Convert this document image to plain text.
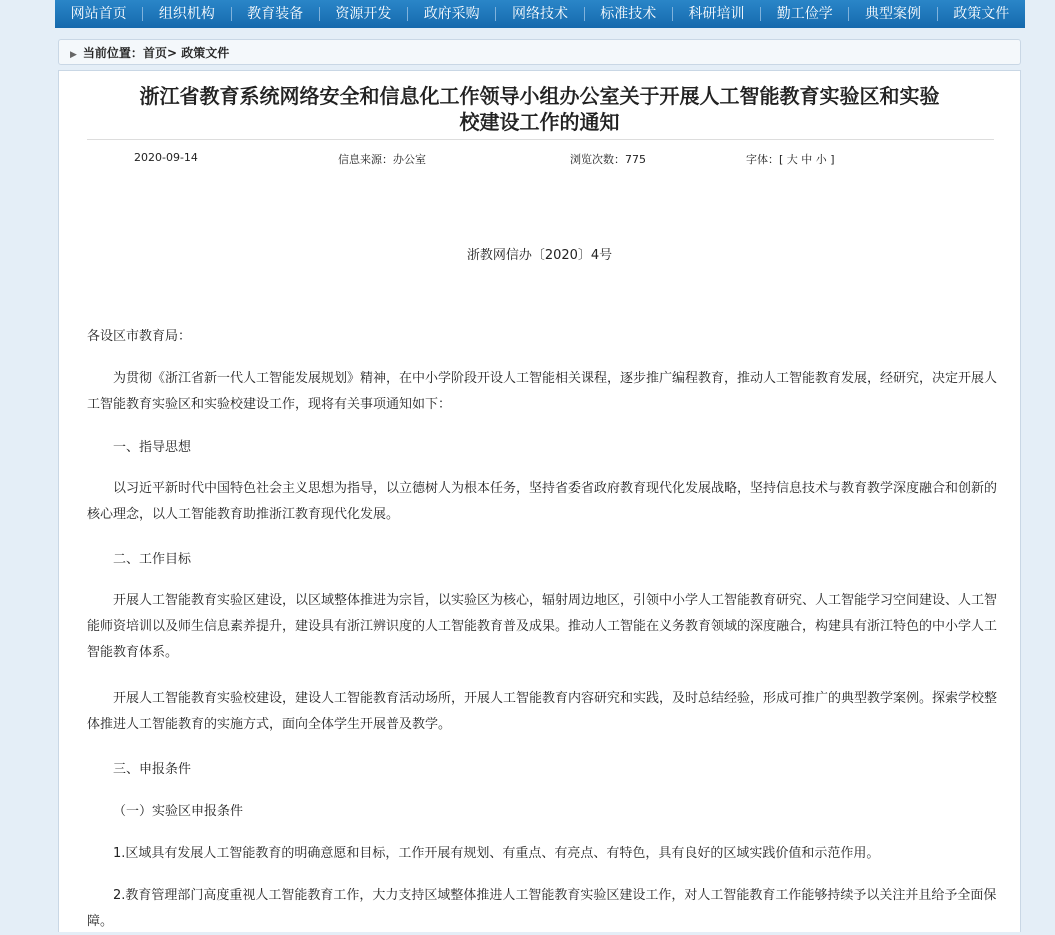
网站首页	组织机构	教育装备	资源开发	政府采购	网络技术	标准技术	科研培训	勤工俭学	典型案例	政策文件
▶ 当前位置：首页> 政策文件
浙江省教育系统网络安全和信息化工作领导小组办公室关于开展人工智能教育实验区和实验
校建设工作的通知
2020-09-14	信息来源：办公室	浏览次数：775	字体：[ 大 中 小 ]
浙教网信办〔2020〕4号

各设区市教育局：

为贯彻《浙江省新一代人工智能发展规划》精神，在中小学阶段开设人工智能相关课程，逐步推广编程教育，推动人工智能教育发展，经研究，决定开展人工智能教育实验区和实验校建设工作，现将有关事项通知如下：

一、指导思想

以习近平新时代中国特色社会主义思想为指导，以立德树人为根本任务，坚持省委省政府教育现代化发展战略，坚持信息技术与教育教学深度融合和创新的核心理念，以人工智能教育助推浙江教育现代化发展。

二、工作目标

开展人工智能教育实验区建设，以区域整体推进为宗旨，以实验区为核心，辐射周边地区，引领中小学人工智能教育研究、人工智能学习空间建设、人工智能师资培训以及师生信息素养提升，建设具有浙江辨识度的人工智能教育普及成果。推动人工智能在义务教育领域的深度融合，构建具有浙江特色的中小学人工智能教育体系。

开展人工智能教育实验校建设，建设人工智能教育活动场所，开展人工智能教育内容研究和实践，及时总结经验，形成可推广的典型教学案例。探索学校整体推进人工智能教育的实施方式，面向全体学生开展普及教学。

三、申报条件

（一）实验区申报条件

1.区域具有发展人工智能教育的明确意愿和目标，工作开展有规划、有重点、有亮点、有特色，具有良好的区域实践价值和示范作用。

2.教育管理部门高度重视人工智能教育工作，大力支持区域整体推进人工智能教育实验区建设工作，对人工智能教育工作能够持续予以关注并且给予全面保障。
